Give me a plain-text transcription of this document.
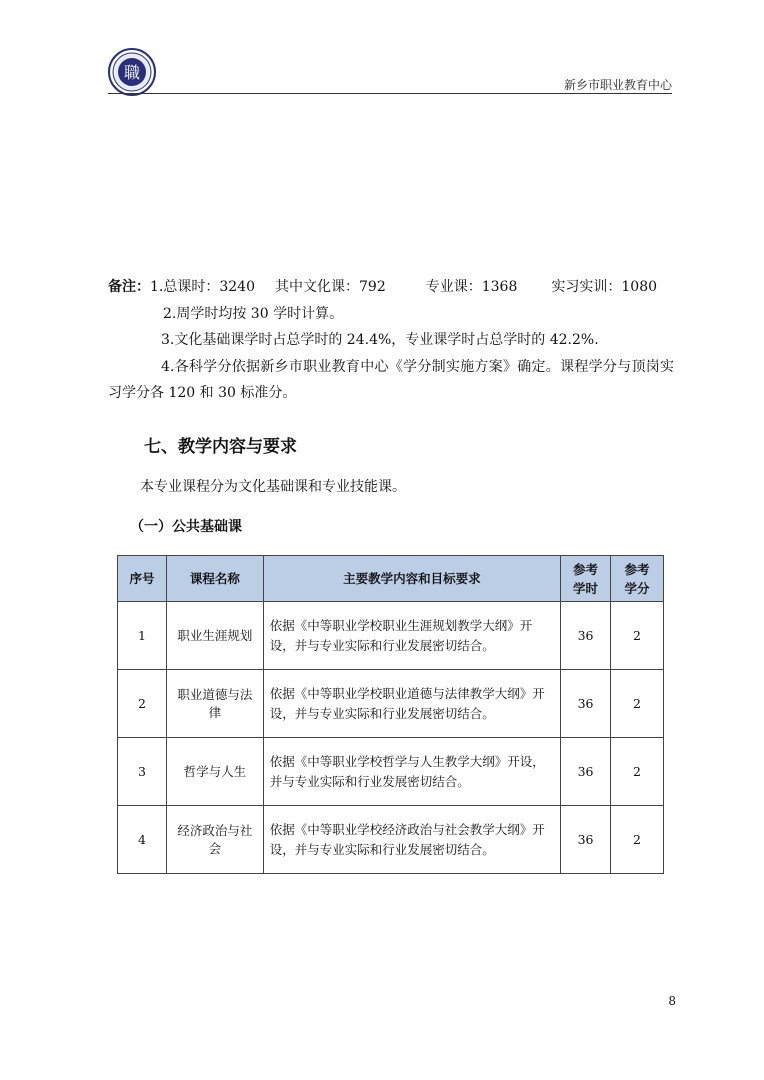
職
新乡市职业教育中心
备注：1.总课时：3240 其中文化课：792	专业课：1368 实习实训：1080
2.周学时均按 30 学时计算。
3.文化基础课学时占总学时的 24.4%，专业课学时占总学时的 42.2%.
4.各科学分依据新乡市职业教育中心《学分制实施方案》确定。课程学分与顶岗实习学分各 120 和 30 标准分。
七、教学内容与要求
本专业课程分为文化基础课和专业技能课。
（一）公共基础课
序号	课程名称	主要教学内容和目标要求	参考学时	参考学分

1	职业生涯规划	依据《中等职业学校职业生涯规划教学大纲》开设，并与专业实际和行业发展密切结合。	36	2
2	职业道德与法律	依据《中等职业学校职业道德与法律教学大纲》开设，并与专业实际和行业发展密切结合。	36	2
3	哲学与人生	依据《中等职业学校哲学与人生教学大纲》开设，并与专业实际和行业发展密切结合。	36	2
4	经济政治与社会	依据《中等职业学校经济政治与社会教学大纲》开设，并与专业实际和行业发展密切结合。	36	2
8
